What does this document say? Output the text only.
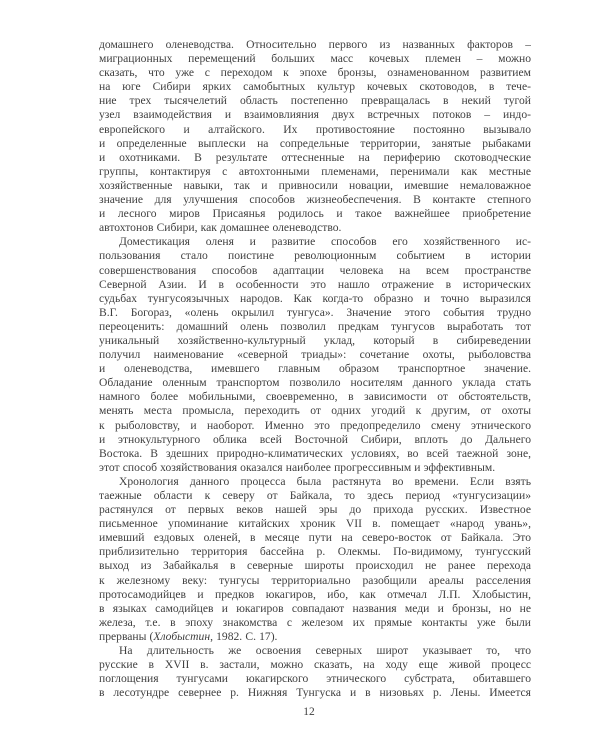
домашнего оленеводства. Относительно первого из названных факторов –
миграционных перемещений больших масс кочевых племен – можно
сказать, что уже с переходом к эпохе бронзы, ознаменованном развитием
на юге Сибири ярких самобытных культур кочевых скотоводов, в тече-
ние трех тысячелетий область постепенно превращалась в некий тугой
узел взаимодействия и взаимовлияния двух встречных потоков – индо-
европейского и алтайского. Их противостояние постоянно вызывало
и определенные выплески на сопредельные территории, занятые рыбаками
и охотниками. В результате оттесненные на периферию скотоводческие
группы, контактируя с автохтонными племенами, перенимали как местные
хозяйственные навыки, так и привносили новации, имевшие немаловажное
значение для улучшения способов жизнеобеспечения. В контакте степного
и лесного миров Присаянья родилось и такое важнейшее приобретение
автохтонов Сибири, как домашнее оленеводство.
Доместикация оленя и развитие способов его хозяйственного ис-
пользования стало поистине революционным событием в истории
совершенствования способов адаптации человека на всем пространстве
Северной Азии. И в особенности это нашло отражение в исторических
судьбах тунгусоязычных народов. Как когда-то образно и точно выразился
В.Г. Богораз, «олень окрылил тунгуса». Значение этого события трудно
переоценить: домашний олень позволил предкам тунгусов выработать тот
уникальный хозяйственно-культурный уклад, который в сибиреведении
получил наименование «северной триады»: сочетание охоты, рыболовства
и оленеводства, имевшего главным образом транспортное значение.
Обладание оленным транспортом позволило носителям данного уклада стать
намного более мобильными, своевременно, в зависимости от обстоятельств,
менять места промысла, переходить от одних угодий к другим, от охоты
к рыболовству, и наоборот. Именно это предопределило смену этнического
и этнокультурного облика всей Восточной Сибири, вплоть до Дальнего
Востока. В здешних природно-климатических условиях, во всей таежной зоне,
этот способ хозяйствования оказался наиболее прогрессивным и эффективным.
Хронология данного процесса была растянута во времени. Если взять
таежные области к северу от Байкала, то здесь период «тунгусизации»
растянулся от первых веков нашей эры до прихода русских. Известное
письменное упоминание китайских хроник VII в. помещает «народ увань»,
имевший ездовых оленей, в месяце пути на северо-восток от Байкала. Это
приблизительно территория бассейна р. Олекмы. По-видимому, тунгусский
выход из Забайкалья в северные широты происходил не ранее перехода
к железному веку: тунгусы территориально разобщили ареалы расселения
протосамодийцев и предков юкагиров, ибо, как отмечал Л.П. Хлобыстин,
в языках самодийцев и юкагиров совпадают названия меди и бронзы, но не
железа, т.е. в эпоху знакомства с железом их прямые контакты уже были
прерваны (Хлобыстин, 1982. С. 17).
На длительность же освоения северных широт указывает то, что
русские в XVII в. застали, можно сказать, на ходу еще живой процесс
поглощения тунгусами юкагирского этнического субстрата, обитавшего
в лесотундре севернее р. Нижняя Тунгуска и в низовьях р. Лены. Имеется
12
